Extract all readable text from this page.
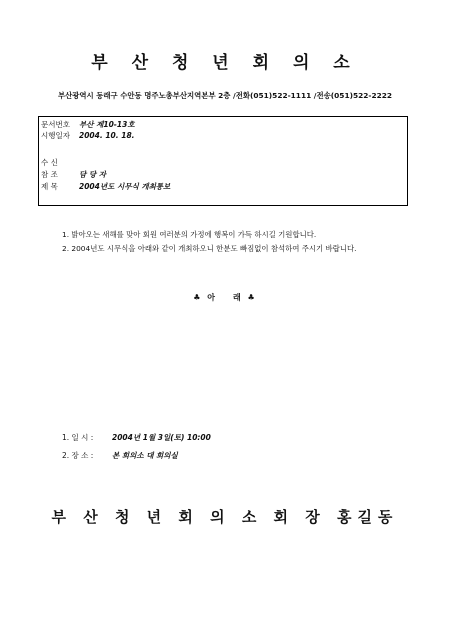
부 산 청 년 회 의 소
부산광역시 동래구 수안동 명주노총부산지역본부 2층 /전화(051)522-1111 /전송(051)522-2222
문서번호	부산 제10-13호
시행일자	2004. 10. 18.
수 신
참 조	담 당 자
제 목	2004년도 시무식 개최통보
1. 밝아오는 새해를 맞아 회원 여러분의 가정에 행복이 가득 하시길 기원합니다.
2. 2004년도 시무식을 아래와 같이 개최하오니 한분도 빠짐없이 참석하여 주시기 바랍니다.
♣ 아 래 ♣
1. 일 시 :	2004년 1월 3일(토) 10:00
2. 장 소 :	본 회의소 대 회의실
부 산 청 년 회 의 소 회 장 홍길동
